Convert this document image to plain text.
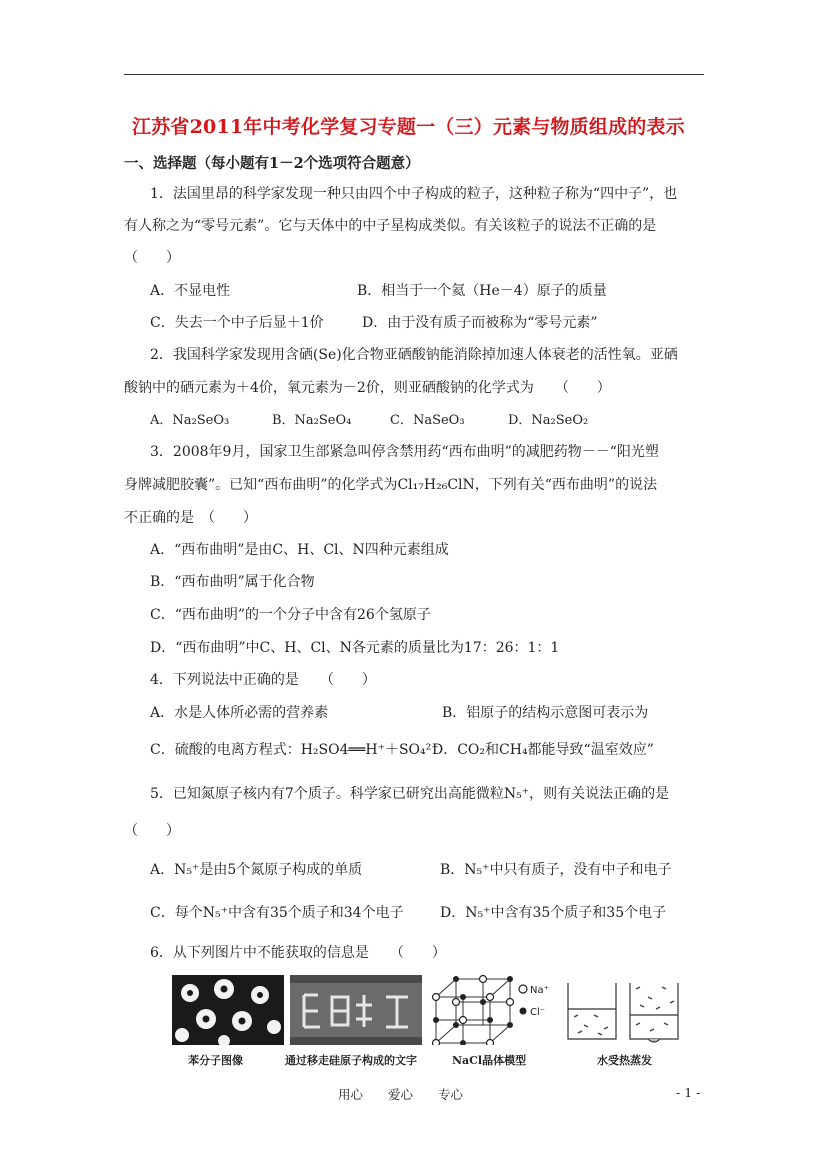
江苏省2011年中考化学复习专题一（三）元素与物质组成的表示
一、选择题（每小题有1－2个选项符合题意）
1．法国里昂的科学家发现一种只由四个中子构成的粒子，这种粒子称为“四中子”，也
有人称之为“零号元素”。它与天体中的中子星构成类似。有关该粒子的说法不正确的是
（　　）
A．不显电性	B．相当于一个氦（He－4）原子的质量
C．失去一个中子后显＋1价	D．由于没有质子而被称为“零号元素”
2．我国科学家发现用含硒(Se)化合物亚硒酸钠能消除掉加速人体衰老的活性氧。亚硒
酸钠中的硒元素为＋4价，氧元素为－2价，则亚硒酸钠的化学式为　　（　　）
A．Na₂SeO₃	B．Na₂SeO₄	C．NaSeO₃	D．Na₂SeO₂
3．2008年9月，国家卫生部紧急叫停含禁用药“西布曲明”的减肥药物－－“阳光塑
身牌减肥胶囊”。已知“西布曲明”的化学式为Cl₁₇H₂₆ClN，下列有关“西布曲明”的说法
不正确的是　（　　）
A．“西布曲明”是由C、H、Cl、N四种元素组成
B．“西布曲明”属于化合物
C．“西布曲明”的一个分子中含有26个氢原子
D．“西布曲明”中C、H、Cl、N各元素的质量比为17：26：1：1
4．下列说法中正确的是　　（　　）
A．水是人体所必需的营养素	B．铝原子的结构示意图可表示为
C．硫酸的电离方程式：H₂SO4══H⁺＋SO₄²⁻
D．CO₂和CH₄都能导致“温室效应”
5．已知氮原子核内有7个质子。科学家已研究出高能微粒N₅⁺，则有关说法正确的是
（　　）
A．N₅⁺是由5个氮原子构成的单质	B．N₅⁺中只有质子，没有中子和电子
C．每个N₅⁺中含有35个质子和34个电子	D．N₅⁺中含有35个质子和35个电子
6．从下列图片中不能获取的信息是　　（　　）
Na⁺
Cl⁻
苯分子图像	通过移走硅原子构成的文字	NaCl晶体模型	水受热蒸发
用心　　爱心　　专心	- 1 -
